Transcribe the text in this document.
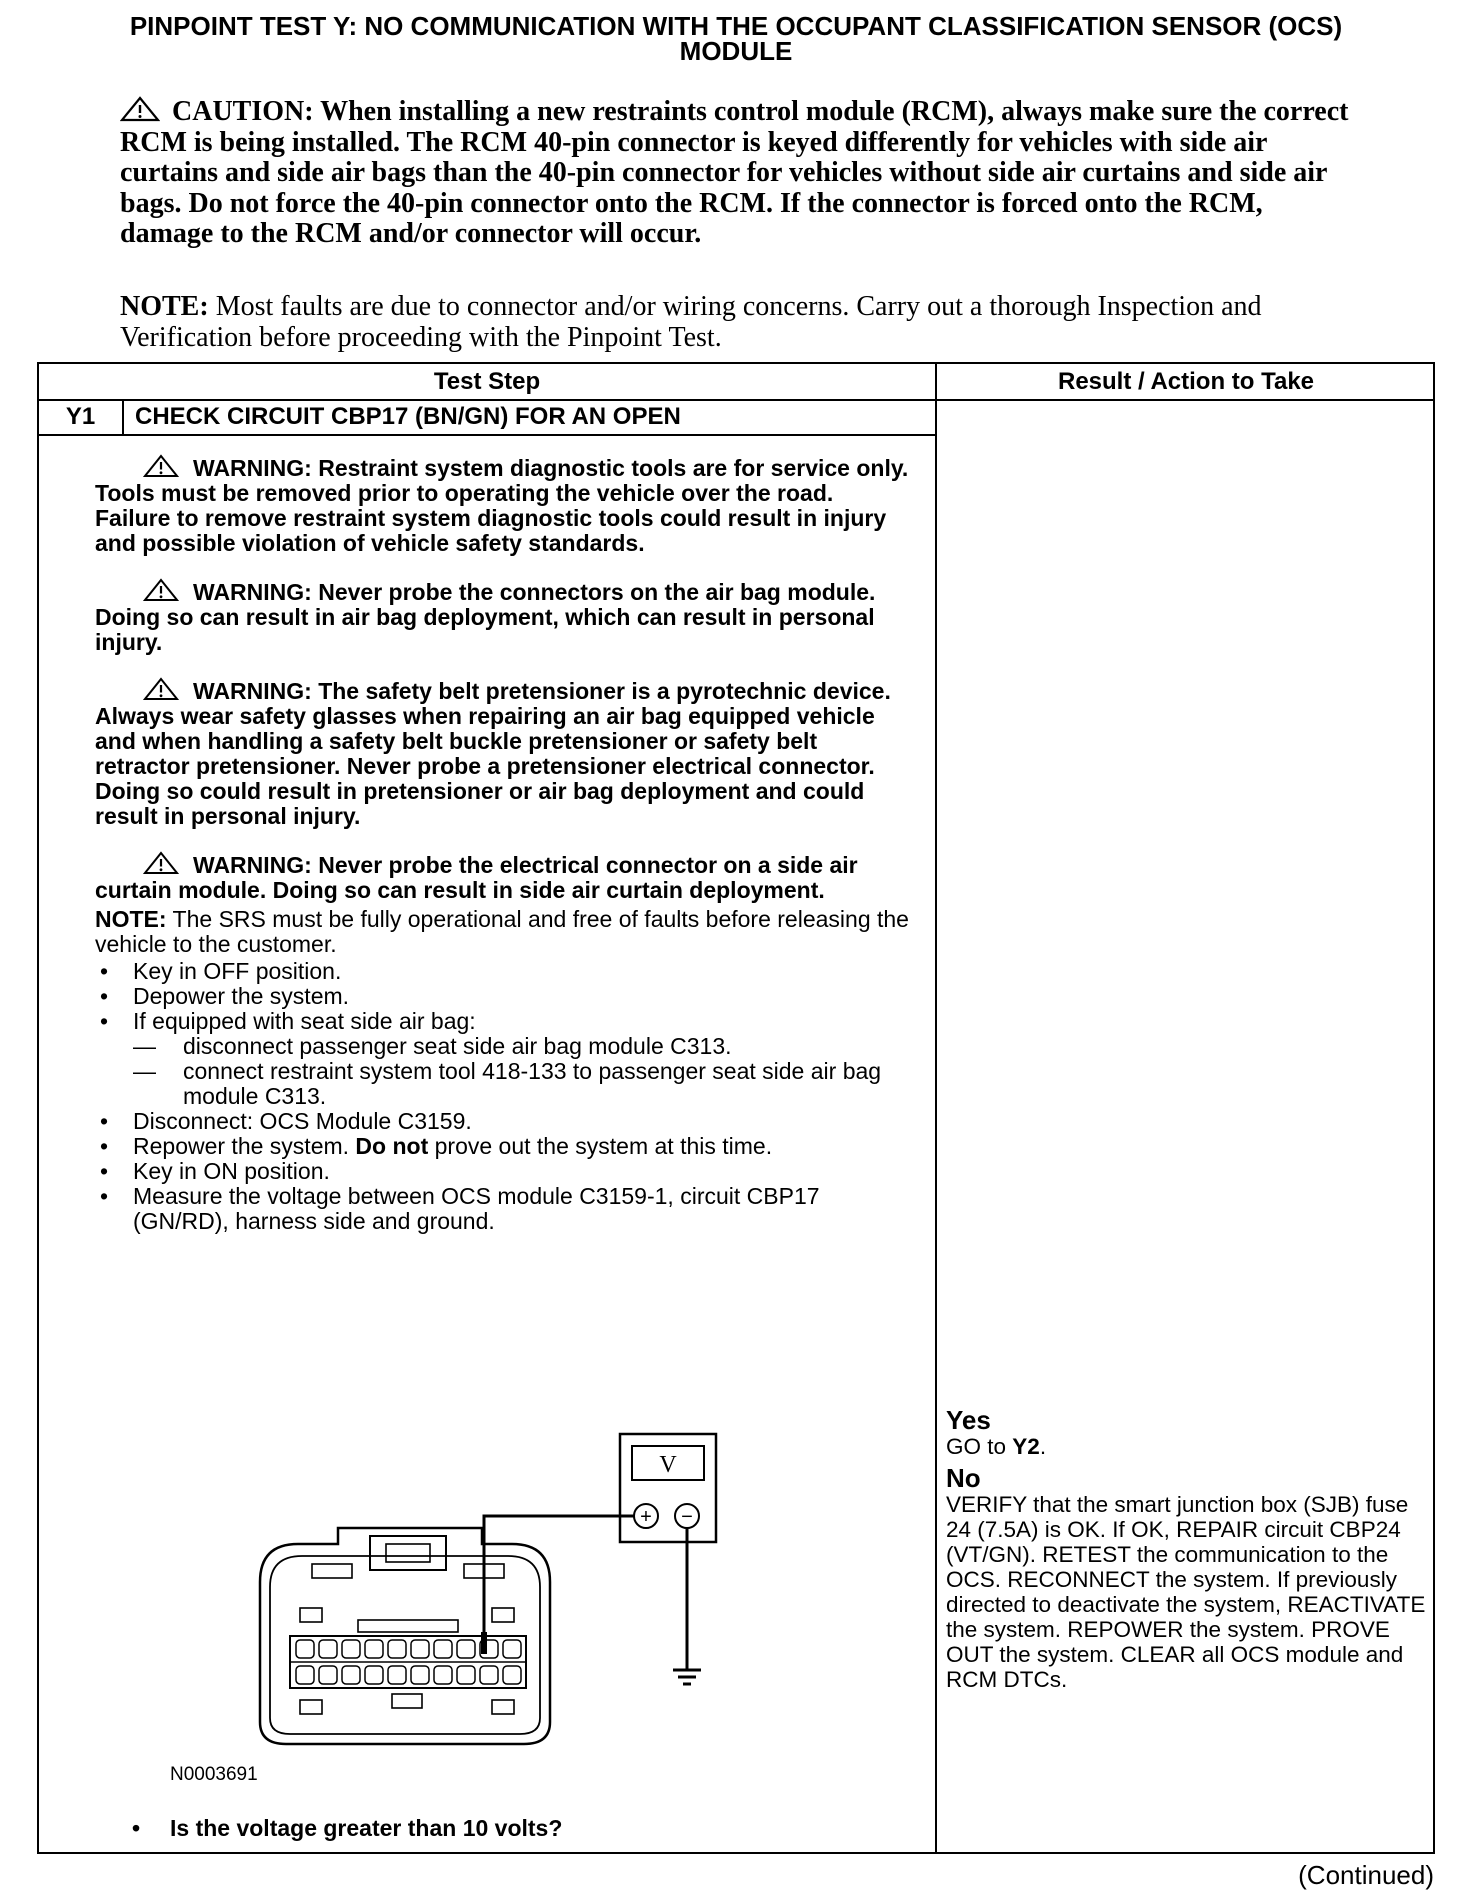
PINPOINT TEST Y: NO COMMUNICATION WITH THE OCCUPANT CLASSIFICATION SENSOR (OCS)
MODULE
CAUTION: When installing a new restraints control module (RCM), always make sure the correct RCM is being installed. The RCM 40-pin connector is keyed differently for vehicles with side air curtains and side air bags than the 40-pin connector for vehicles without side air curtains and side air bags. Do not force the 40-pin connector onto the RCM. If the connector is forced onto the RCM, damage to the RCM and/or connector will occur.
NOTE: Most faults are due to connector and/or wiring concerns. Carry out a thorough Inspection and Verification before proceeding with the Pinpoint Test.
Test Step	Result / Action to Take
Y1	CHECK CIRCUIT CBP17 (BN/GN) FOR AN OPEN

WARNING: Restraint system diagnostic tools are for service only. Tools must be removed prior to operating the vehicle over the road. Failure to remove restraint system diagnostic tools could result in injury and possible violation of vehicle safety standards.

WARNING: Never probe the connectors on the air bag module. Doing so can result in air bag deployment, which can result in personal injury.

WARNING: The safety belt pretensioner is a pyrotechnic device. Always wear safety glasses when repairing an air bag equipped vehicle and when handling a safety belt buckle pretensioner or safety belt retractor pretensioner. Never probe a pretensioner electrical connector. Doing so could result in pretensioner or air bag deployment and could result in personal injury.

WARNING: Never probe the electrical connector on a side air curtain module. Doing so can result in side air curtain deployment.

NOTE: The SRS must be fully operational and free of faults before releasing the vehicle to the customer.

• Key in OFF position.

• Depower the system.

• If equipped with seat side air bag:

— disconnect passenger seat side air bag module C313.

— connect restraint system tool 418-133 to passenger seat side air bag module C313.

• Disconnect: OCS Module C3159.

• Repower the system. Do not prove out the system at this time.

• Key in ON position.

• Measure the voltage between OCS module C3159-1, circuit CBP17 (GN/RD), harness side and ground.

Yes

GO to Y2.

No

VERIFY that the smart junction box (SJB) fuse 24 (7.5A) is OK. If OK, REPAIR circuit CBP24 (VT/GN). RETEST the communication to the OCS. RECONNECT the system. If previously directed to deactivate the system, REACTIVATE the system. REPOWER the system. PROVE OUT the system. CLEAR all OCS module and RCM DTCs.

V
+ −
N0003691
• Is the voltage greater than 10 volts?
(Continued)
